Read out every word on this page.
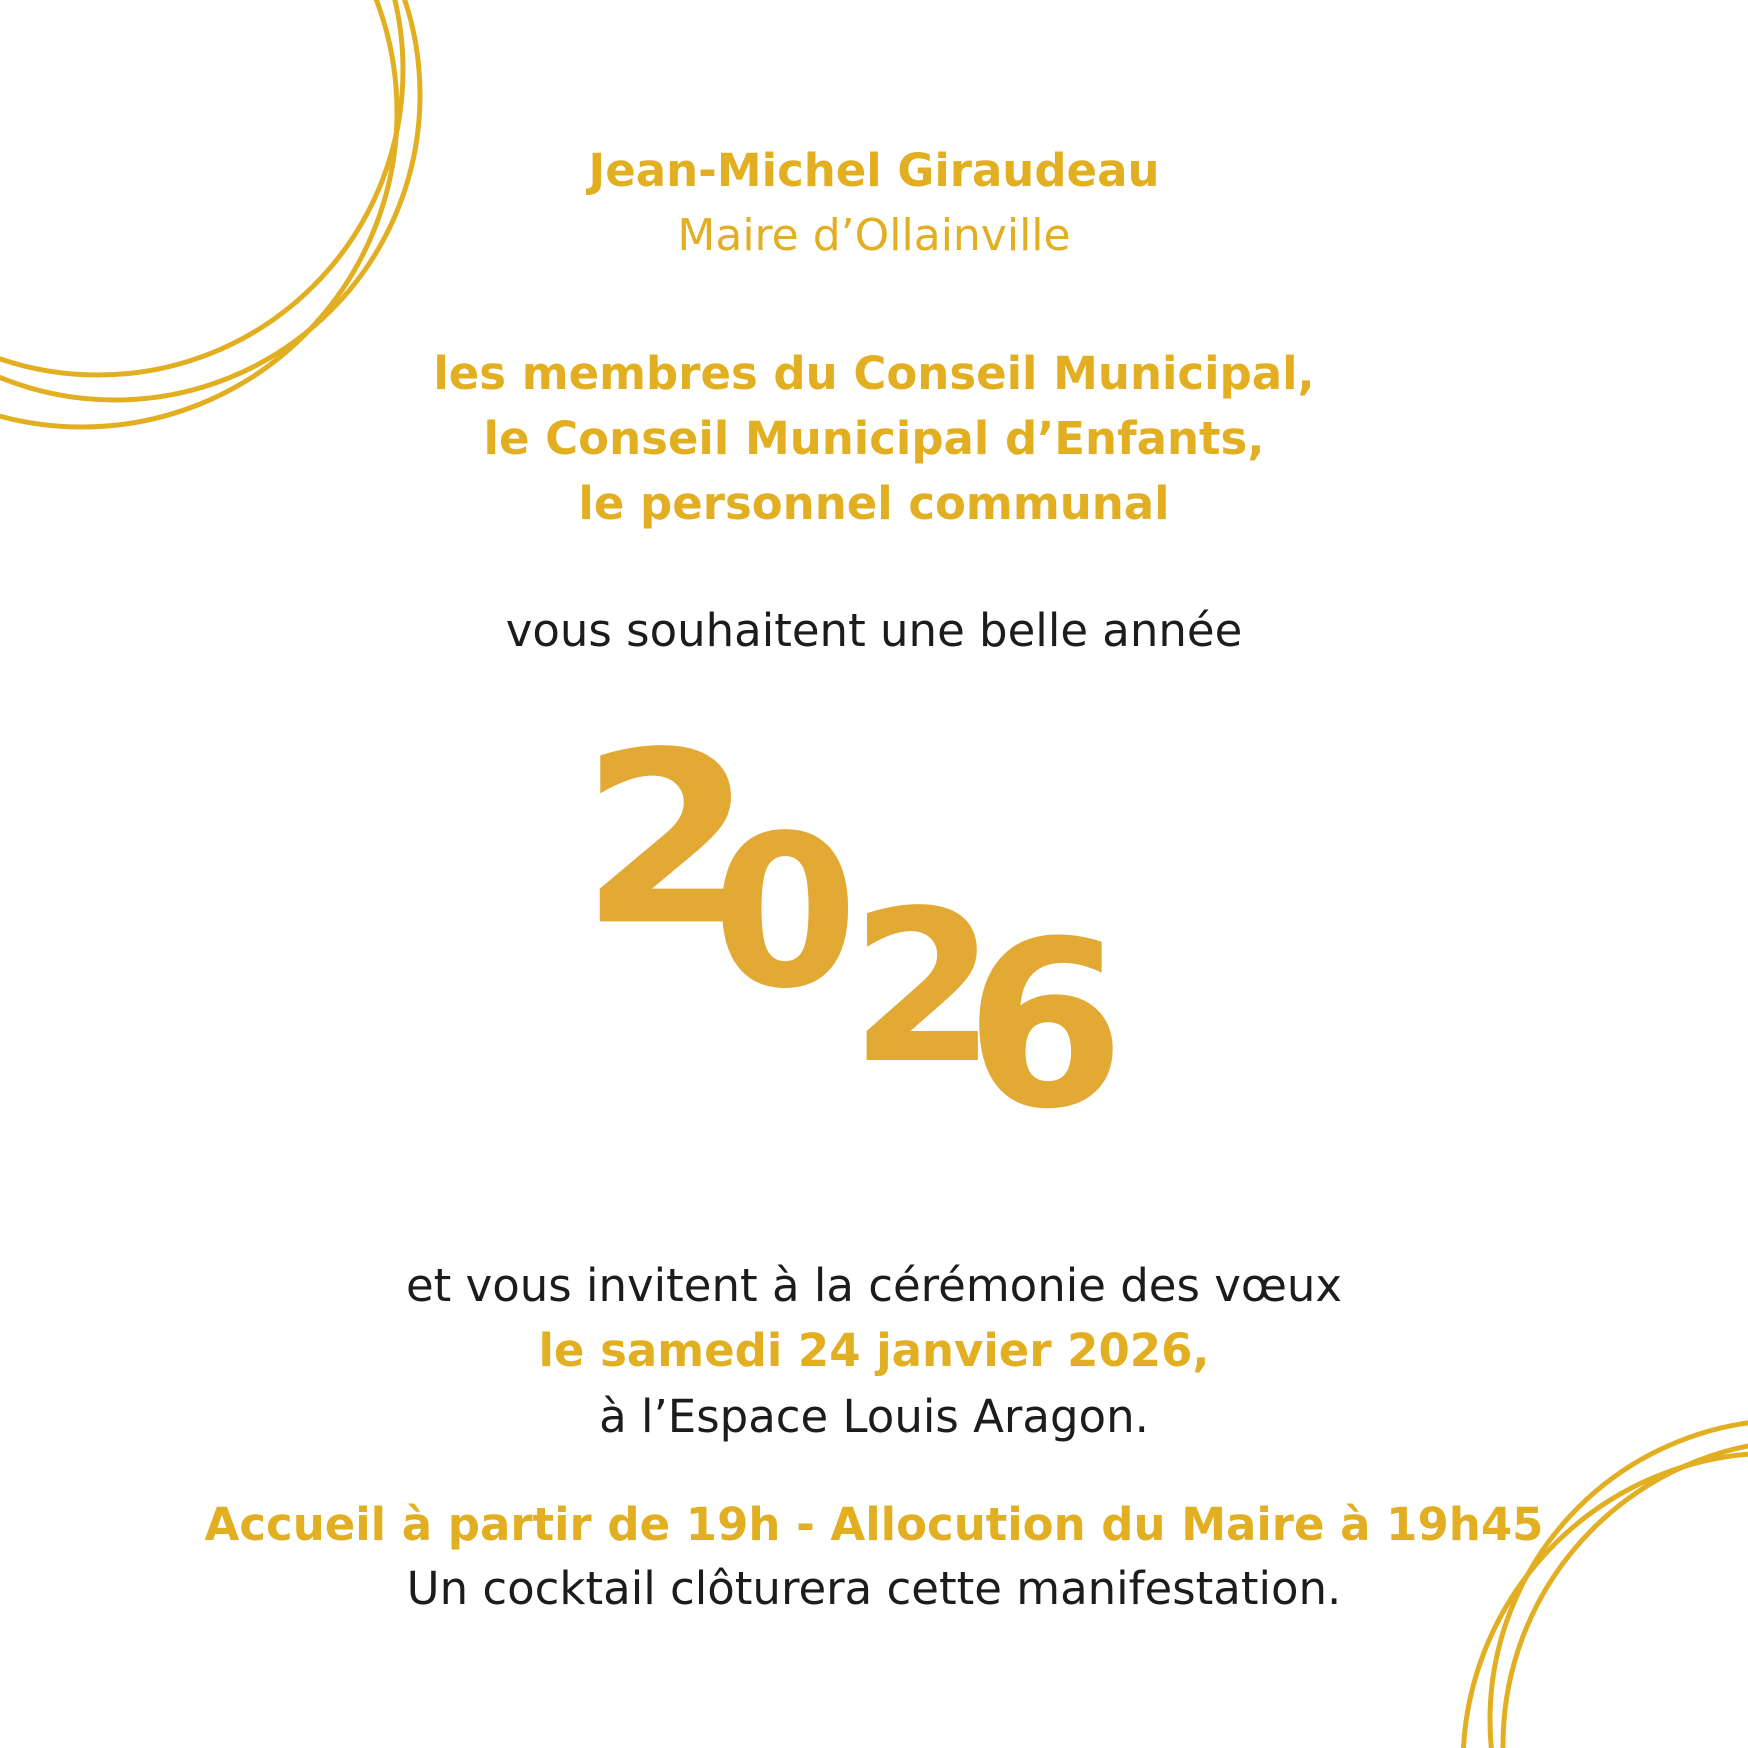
Jean-Michel Giraudeau

Maire d’Ollainville

les membres du Conseil Municipal,
le Conseil Municipal d’Enfants,
le personnel communal

vous souhaitent une belle année

2
0
2
6

et vous invitent à la cérémonie des vœux

le samedi 24 janvier 2026,

à l’Espace Louis Aragon.

Accueil à partir de 19h - Allocution du Maire à 19h45

Un cocktail clôturera cette manifestation.
